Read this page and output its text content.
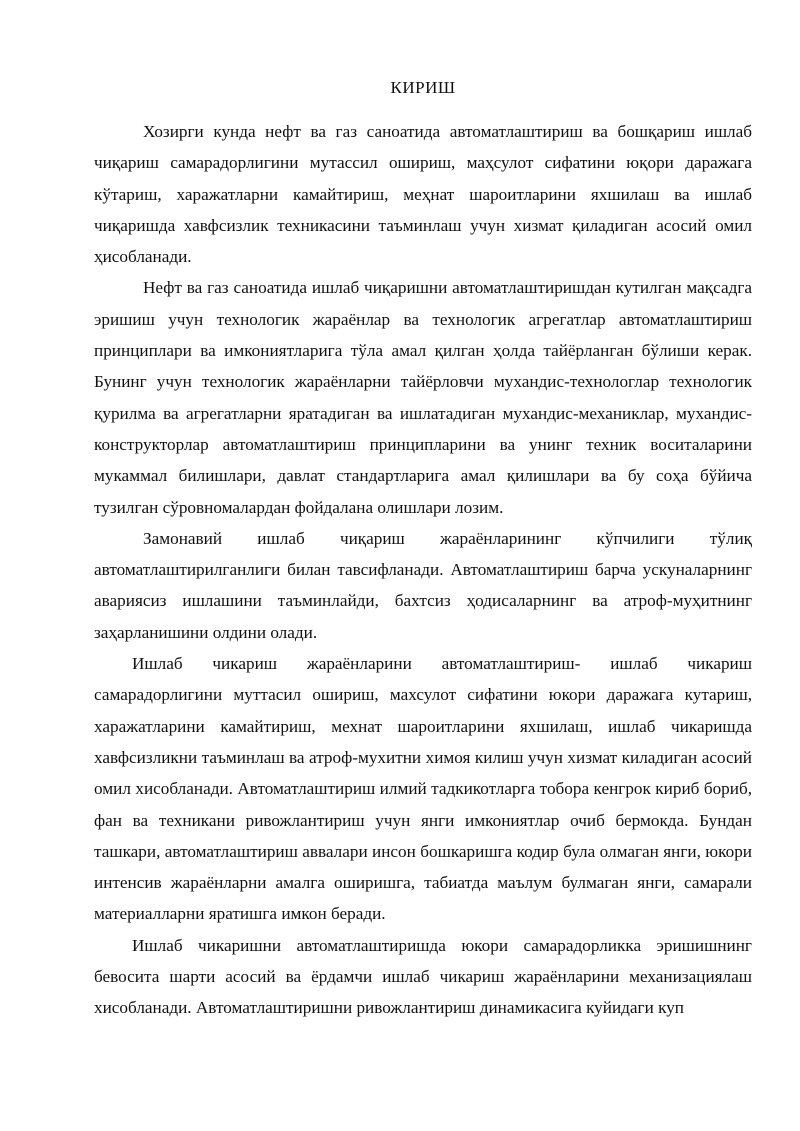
КИРИШ

Хозирги кунда нефт ва газ саноатида автоматлаштириш ва бошқариш ишлаб чиқариш самарадорлигини мутассил ошириш, маҳсулот сифатини юқори даражага кўтариш, харажатларни камайтириш, меҳнат шароитларини яхшилаш ва ишлаб чиқаришда хавфсизлик техникасини таъминлаш учун хизмат қиладиган асосий омил ҳисобланади.

Нефт ва газ саноатида ишлаб чиқаришни автоматлаштиришдан кутилган мақсадга эришиш учун технологик жараёнлар ва технологик агрегатлар автоматлаштириш принциплари ва имкониятларига тўла амал қилган ҳолда тайёрланган бўлиши керак. Бунинг учун технологик жараёнларни тайёрловчи мухандис-технологлар технологик қурилма ва агрегатларни яратадиган ва ишлатадиган мухандис-механиклар, мухандис-конструкторлар автоматлаштириш принципларини ва унинг техник воситаларини мукаммал билишлари, давлат стандартларига амал қилишлари ва бу соҳа бўйича тузилган сўровномалардан фойдалана олишлари лозим.

Замонавий ишлаб чиқариш жараёнларининг кўпчилиги тўлиқ автоматлаштирилганлиги билан тавсифланади. Автоматлаштириш барча ускуналарнинг авариясиз ишлашини таъминлайди, бахтсиз ҳодисаларнинг ва атроф-муҳитнинг заҳарланишини олдини олади.

Ишлаб чикариш жараёнларини автоматлаштириш- ишлаб чикариш самарадорлигини муттасил ошириш, махсулот сифатини юкори даражага кутариш, харажатларини камайтириш, мехнат шароитларини яхшилаш, ишлаб чикаришда хавфсизликни таъминлаш ва атроф-мухитни химоя килиш учун хизмат киладиган асосий омил хисобланади. Автоматлаштириш илмий тадкикотларга тобора кенгрок кириб бориб, фан ва техникани ривожлантириш учун янги имкониятлар очиб бермокда. Бундан ташкари, автоматлаштириш аввалари инсон бошкаришга кодир була олмаган янги, юкори интенсив жараёнларни амалга оширишга, табиатда маълум булмаган янги, самарали материалларни яратишга имкон беради.

Ишлаб чикаришни автоматлаштиришда юкори самарадорликка эришишнинг бевосита шарти асосий ва ёрдамчи ишлаб чикариш жараёнларини механизациялаш хисобланади. Автоматлаштиришни ривожлантириш динамикасига куйидаги куп
